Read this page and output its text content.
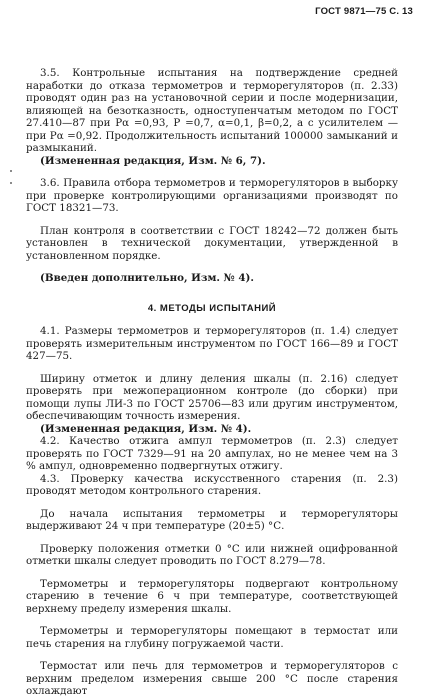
ГОСТ 9871—75 С. 13

3.5. Контрольные испытания на подтверждение средней наработки до отказа термометров и терморегуляторов (п. 2.33) проводят один раз на установочной серии и после модернизации, влияющей на безотказность, одноступенчатым методом по ГОСТ 27.410—87 при Pα =0,93, P =0,7, α=0,1, β=0,2, а с усилителем — при Pα =0,92. Продолжительность испытаний 100000 замыканий и размыканий.

(Измененная редакция, Изм. № 6, 7).

3.6. Правила отбора термометров и терморегуляторов в выборку при проверке контролирующими организациями производят по ГОСТ 18321—73.

План контроля в соответствии с ГОСТ 18242—72 должен быть установлен в технической документации, утвержденной в установленном порядке.

(Введен дополнительно, Изм. № 4).

4. МЕТОДЫ ИСПЫТАНИЙ

4.1. Размеры термометров и терморегуляторов (п. 1.4) следует проверять измерительным инструментом по ГОСТ 166—89 и ГОСТ 427—75.

Ширину отметок и длину деления шкалы (п. 2.16) следует проверять при межоперационном контроле (до сборки) при помощи лупы ЛИ-3 по ГОСТ 25706—83 или другим инструментом, обеспечивающим точность измерения.

(Измененная редакция, Изм. № 4).

4.2. Качество отжига ампул термометров (п. 2.3) следует проверять по ГОСТ 7329—91 на 20 ампулах, но не менее чем на 3 % ампул, одновременно подвергнутых отжигу.

4.3. Проверку качества искусственного старения (п. 2.3) проводят методом контрольного старения.

До начала испытания термометры и терморегуляторы выдерживают 24 ч при температуре (20±5) °С.

Проверку положения отметки 0 °С или нижней оцифрованной отметки шкалы следует проводить по ГОСТ 8.279—78.

Термометры и терморегуляторы подвергают контрольному старению в течение 6 ч при температуре, соответствующей верхнему пределу измерения шкалы.

Термометры и терморегуляторы помещают в термостат или печь старения на глубину погружаемой части.

Термостат или печь для термометров и терморегуляторов с верхним пределом измерения свыше 200 °С после старения охлаждают
